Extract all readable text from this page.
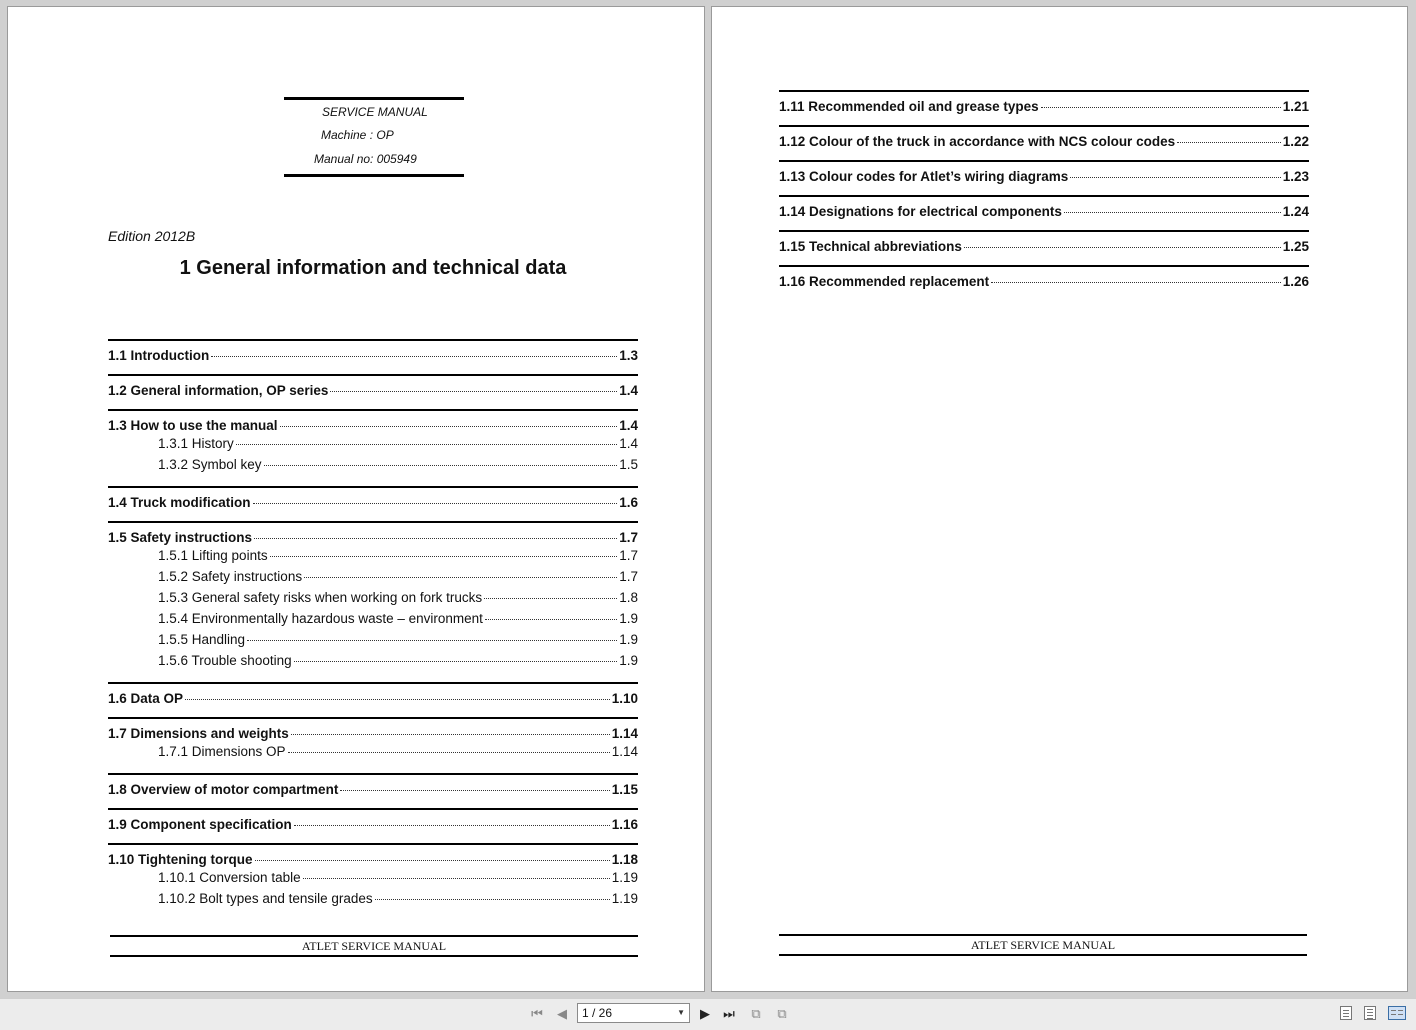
SERVICE MANUAL
Machine : OP
Manual no: 005949
Edition 2012B
1 General information and technical data
1.1 Introduction	1.3
1.2 General information, OP series	1.4
1.3 How to use the manual	1.4
1.3.1 History	1.4
1.3.2 Symbol key	1.5
1.4 Truck modification	1.6
1.5 Safety instructions	1.7
1.5.1 Lifting points	1.7
1.5.2 Safety instructions	1.7
1.5.3 General safety risks when working on fork trucks	1.8
1.5.4 Environmentally hazardous waste – environment	1.9
1.5.5 Handling	1.9
1.5.6 Trouble shooting	1.9
1.6 Data OP	1.10
1.7 Dimensions and weights	1.14
1.7.1 Dimensions OP	1.14
1.8 Overview of motor compartment	1.15
1.9 Component specification	1.16
1.10 Tightening torque	1.18
1.10.1 Conversion table	1.19
1.10.2 Bolt types and tensile grades	1.19
ATLET SERVICE MANUAL
1.11 Recommended oil and grease types	1.21
1.12 Colour of the truck in accordance with NCS colour codes	1.22
1.13 Colour codes for Atlet’s wiring diagrams	1.23
1.14 Designations for electrical components	1.24
1.15 Technical abbreviations	1.25
1.16 Recommended replacement	1.26
ATLET SERVICE MANUAL
⏮	◀	1 / 26	▼	▶	⏭	⧉	⧉
